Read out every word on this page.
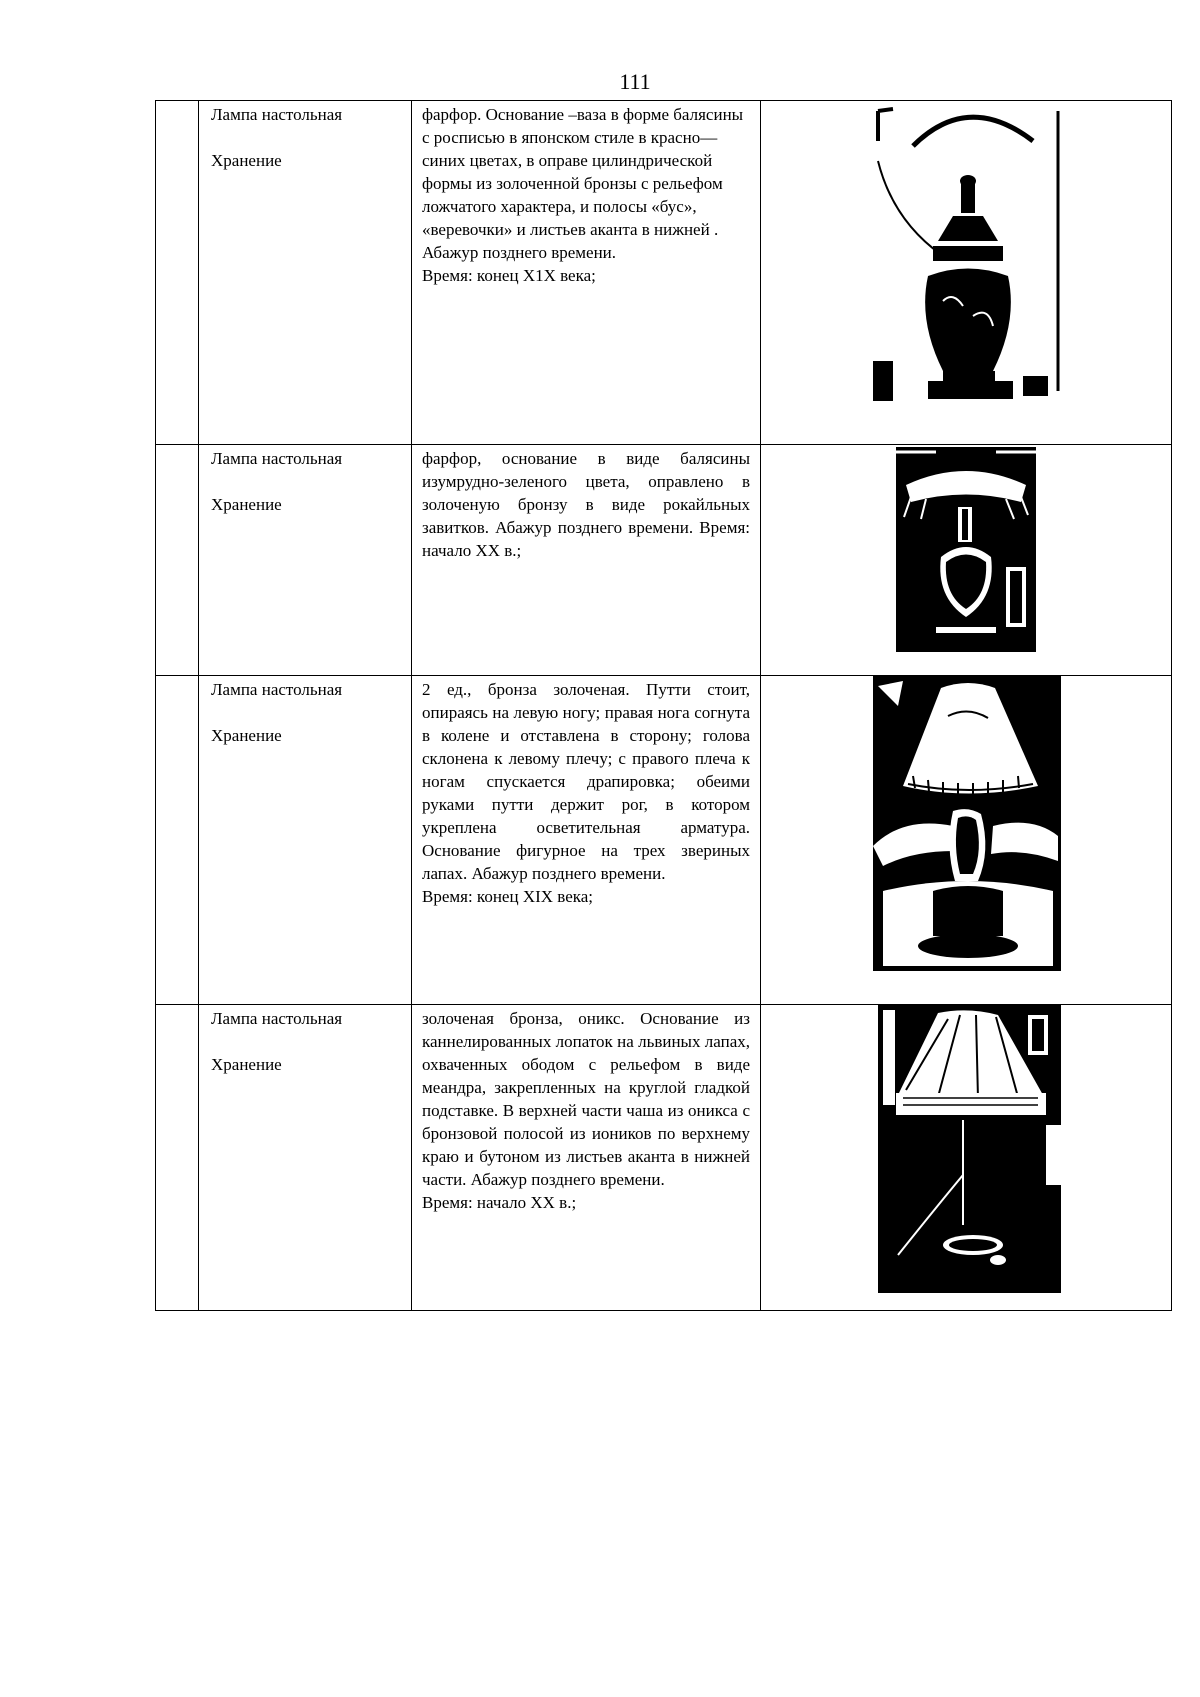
111

	Лампа настольная
Хранение	фарфор. Основание –ваза в форме балясины с росписью в японском стиле в красно—синих цветах, в оправе цилиндрической формы из золоченной бронзы с рельефом ложчатого характера, и полосы «бус», «веревочки» и листьев аканта в нижней . Абажур позднего времени.
Время: конец Х1Х века;

	Лампа настольная
Хранение	фарфор, основание в виде балясины изумрудно-зеленого цвета, оправлено в золоченую бронзу в виде рокайльных завитков. Абажур позднего времени. Время: начало ХХ в.;

	Лампа настольная
Хранение	2 ед., бронза золоченая. Путти стоит, опираясь на левую ногу; правая нога согнута в колене и отставлена в сторону; голова склонена к левому плечу; с правого плеча к ногам спускается драпировка; обеими руками путти держит рог, в котором укреплена осветительная арматура. Основание фигурное на трех звериных лапах. Абажур позднего времени.
Время: конец XIX века;

	Лампа настольная
Хранение	золоченая бронза, оникс. Основание из каннелированных лопаток на львиных лапах, охваченных ободом с рельефом в виде меандра, закрепленных на круглой гладкой подставке. В верхней части чаша из оникса с бронзовой полосой из иоников по верхнему краю и бутоном из листьев аканта в нижней части. Абажур позднего времени.
Время: начало ХХ в.;
